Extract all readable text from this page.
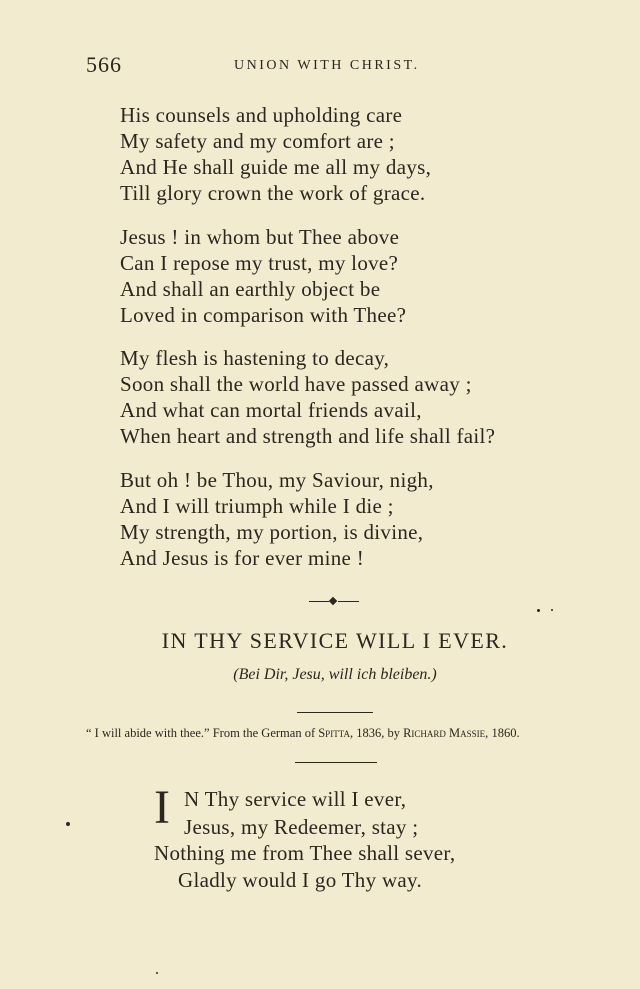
566	UNION WITH CHRIST.
His counsels and upholding care
My safety and my comfort are ;
And He shall guide me all my days,
Till glory crown the work of grace.
Jesus ! in whom but Thee above
Can I repose my trust, my love?
And shall an earthly object be
Loved in comparison with Thee?
My flesh is hastening to decay,
Soon shall the world have passed away ;
And what can mortal friends avail,
When heart and strength and life shall fail?
But oh ! be Thou, my Saviour, nigh,
And I will triumph while I die ;
My strength, my portion, is divine,
And Jesus is for ever mine !
IN THY SERVICE WILL I EVER.
(Bei Dir, Jesu, will ich bleiben.)
“ I will abide with thee.” From the German of Spitta, 1836, by Richard Massie, 1860.
I N Thy service will I ever,
Jesus, my Redeemer, stay ;
Nothing me from Thee shall sever,
Gladly would I go Thy way.
